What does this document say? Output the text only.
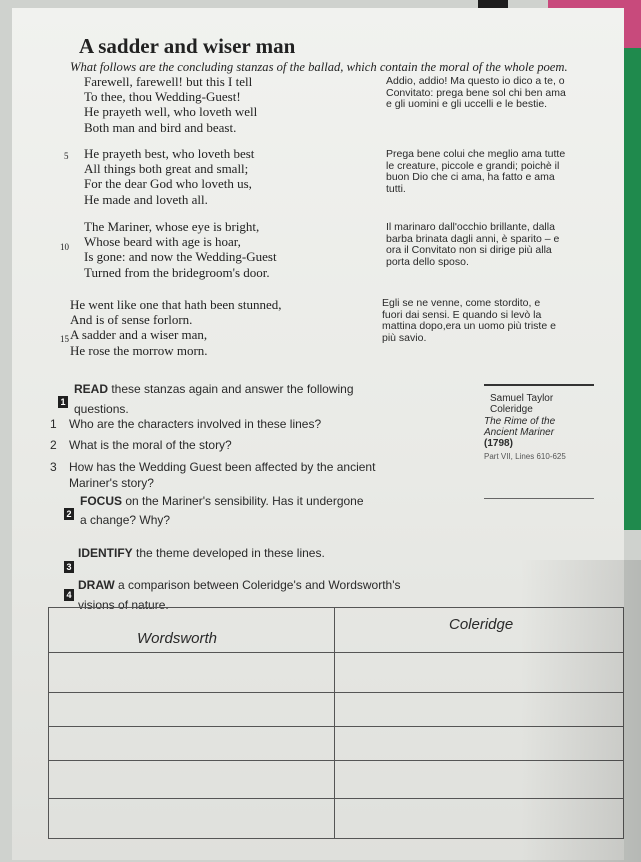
A sadder and wiser man
What follows are the concluding stanzas of the ballad, which contain the moral of the whole poem.
Farewell, farewell! but this I tell
To thee, thou Wedding-Guest!
He prayeth well, who loveth well
Both man and bird and beast.
Addio, addio! Ma questo io dico a te, o
Convitato: prega bene sol chi ben ama
e gli uomini e gli uccelli e le bestie.
5 He prayeth best, who loveth best
All things both great and small;
For the dear God who loveth us,
He made and loveth all.
Prega bene colui che meglio ama tutte
le creature, piccole e grandi; poichè il
buon Dio che ci ama, ha fatto e ama
tutti.
10
The Mariner, whose eye is bright,
Whose beard with age is hoar,
Is gone: and now the Wedding-Guest
Turned from the bridegroom's door.
Il marinaro dall'occhio brillante, dalla
barba brinata dagli anni, è sparito – e
ora il Convitato non si dirige più alla
porta dello sposo.
15
He went like one that hath been stunned,
And is of sense forlorn.
A sadder and a wiser man,
He rose the morrow morn.
Egli se ne venne, come stordito, e
fuori dai sensi. E quando si levò la
mattina dopo,era un uomo più triste e
più savio.
1
READ these stanzas again and answer the following
questions.
1 Who are the characters involved in these lines?
2 What is the moral of the story?
3 How has the Wedding Guest been affected by the ancient
Mariner's story?
Samuel Taylor
Coleridge
The Rime of the
Ancient Mariner
(1798)
Part VII, Lines 610-625
2
FOCUS on the Mariner's sensibility. Has it undergone
a change? Why?
3
IDENTIFY the theme developed in these lines.
4
DRAW a comparison between Coleridge's and Wordsworth's
visions of nature.
Wordsworth
Coleridge
